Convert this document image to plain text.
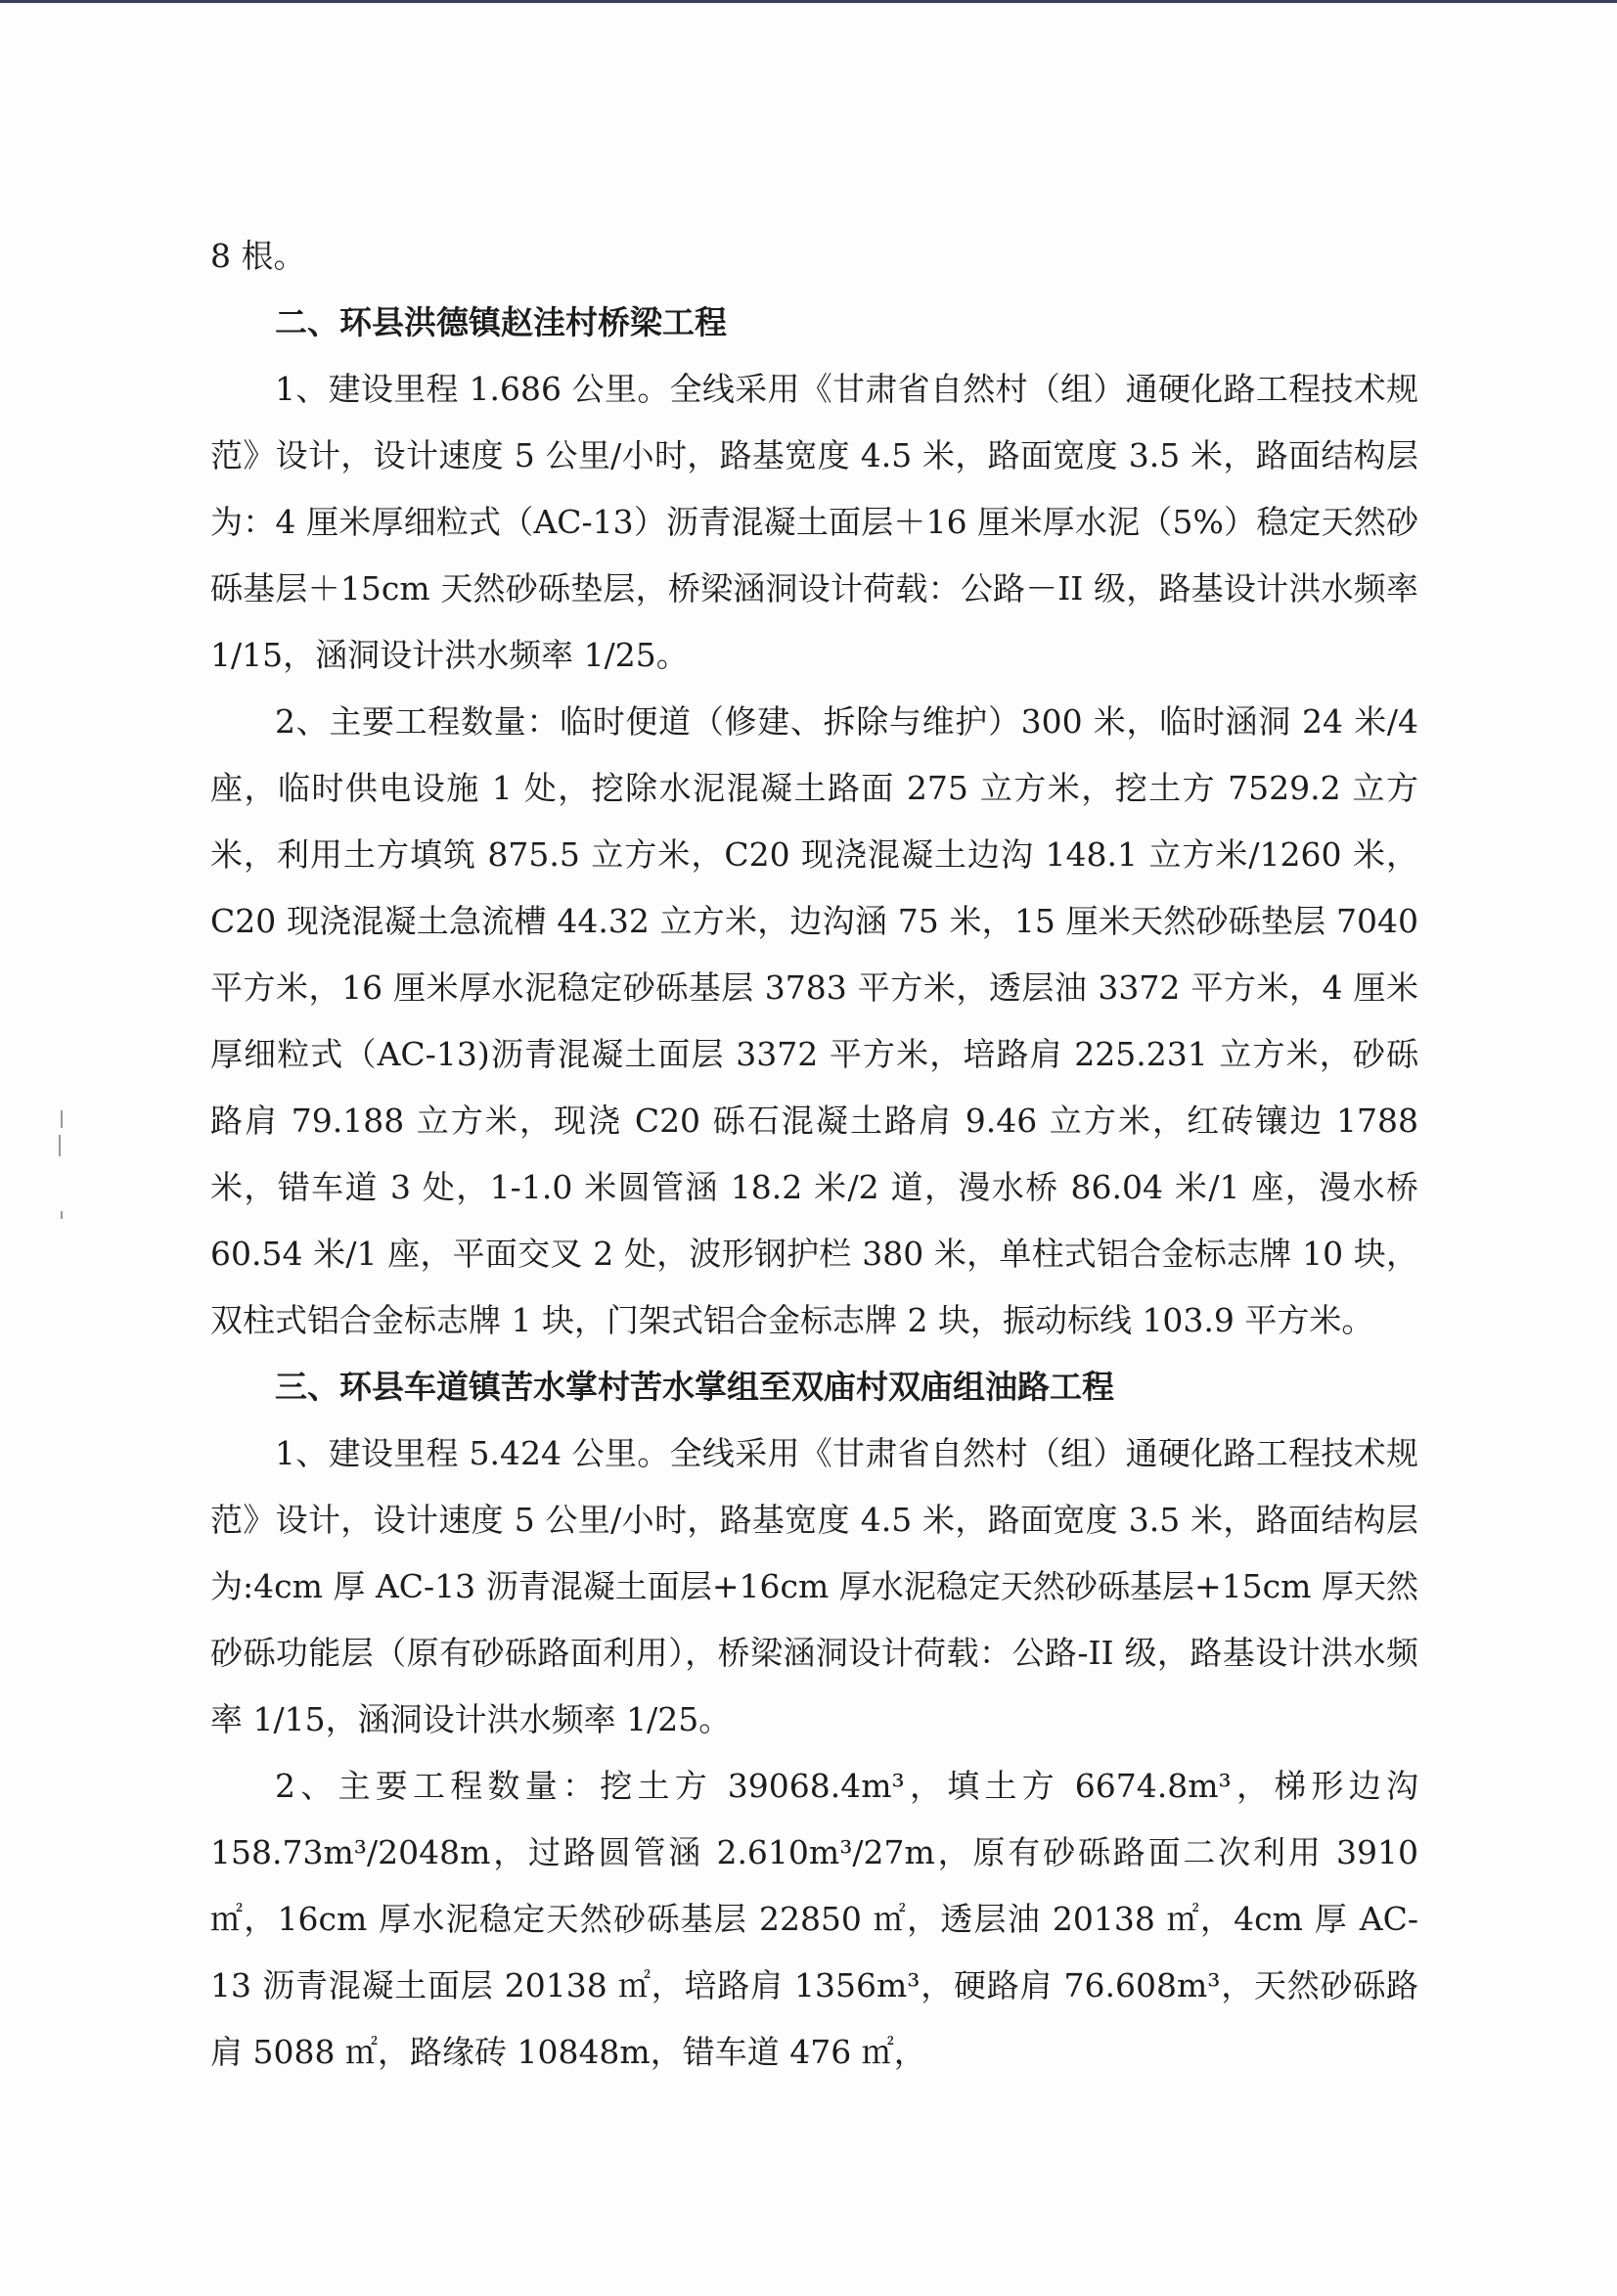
8 根。

二、环县洪德镇赵洼村桥梁工程

1、建设里程 1.686 公里。全线采用《甘肃省自然村（组）通硬化路工程技术规范》设计，设计速度 5 公里/小时，路基宽度 4.5 米，路面宽度 3.5 米，路面结构层为：4 厘米厚细粒式（AC-13）沥青混凝土面层＋16 厘米厚水泥（5%）稳定天然砂砾基层＋15cm 天然砂砾垫层，桥梁涵洞设计荷载：公路－II 级，路基设计洪水频率 1/15，涵洞设计洪水频率 1/25。

2、主要工程数量：临时便道（修建、拆除与维护）300 米，临时涵洞 24 米/4 座，临时供电设施 1 处，挖除水泥混凝土路面 275 立方米，挖土方 7529.2 立方米，利用土方填筑 875.5 立方米，C20 现浇混凝土边沟 148.1 立方米/1260 米，C20 现浇混凝土急流槽 44.32 立方米，边沟涵 75 米，15 厘米天然砂砾垫层 7040 平方米，16 厘米厚水泥稳定砂砾基层 3783 平方米，透层油 3372 平方米，4 厘米厚细粒式（AC-13)沥青混凝土面层 3372 平方米，培路肩 225.231 立方米，砂砾路肩 79.188 立方米，现浇 C20 砾石混凝土路肩 9.46 立方米，红砖镶边 1788 米，错车道 3 处，1-1.0 米圆管涵 18.2 米/2 道，漫水桥 86.04 米/1 座，漫水桥 60.54 米/1 座，平面交叉 2 处，波形钢护栏 380 米，单柱式铝合金标志牌 10 块，双柱式铝合金标志牌 1 块，门架式铝合金标志牌 2 块，振动标线 103.9 平方米。

三、环县车道镇苦水掌村苦水掌组至双庙村双庙组油路工程

1、建设里程 5.424 公里。全线采用《甘肃省自然村（组）通硬化路工程技术规范》设计，设计速度 5 公里/小时，路基宽度 4.5 米，路面宽度 3.5 米，路面结构层为:4cm 厚 AC-13 沥青混凝土面层+16cm 厚水泥稳定天然砂砾基层+15cm 厚天然砂砾功能层（原有砂砾路面利用），桥梁涵洞设计荷载：公路-II 级，路基设计洪水频率 1/15，涵洞设计洪水频率 1/25。

2、主要工程数量：挖土方 39068.4m³，填土方 6674.8m³，梯形边沟 158.73m³/2048m，过路圆管涵 2.610m³/27m，原有砂砾路面二次利用 3910 ㎡，16cm 厚水泥稳定天然砂砾基层 22850 ㎡，透层油 20138 ㎡，4cm 厚 AC-13 沥青混凝土面层 20138 ㎡，培路肩 1356m³，硬路肩 76.608m³，天然砂砾路肩 5088 ㎡，路缘砖 10848m，错车道 476 ㎡，
